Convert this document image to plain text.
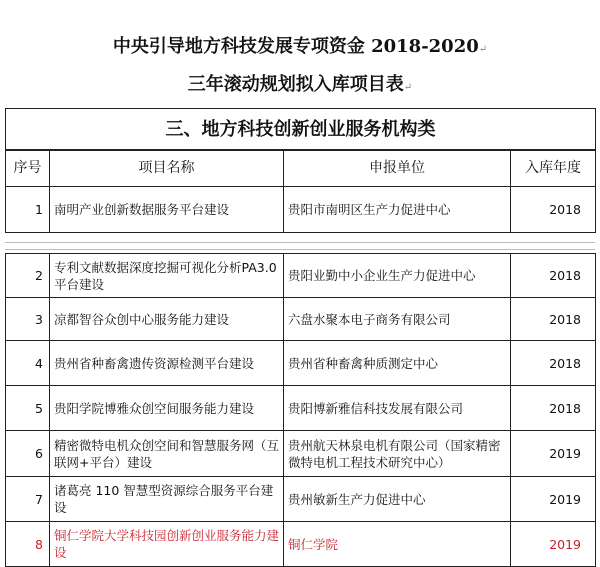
中央引导地方科技发展专项资金 2018-2020↵
三年滚动规划拟入库项目表↵
三、地方科技创新创业服务机构类			
序号	项目名称	申报单位	入库年度
1	南明产业创新数据服务平台建设	贵阳市南明区生产力促进中心	2018
2	专利文献数据深度挖掘可视化分析PA3.0 平台建设	贵阳业勤中小企业生产力促进中心	2018
3	凉都智谷众创中心服务能力建设	六盘水聚本电子商务有限公司	2018
4	贵州省种畜禽遗传资源检测平台建设	贵州省种畜禽种质测定中心	2018
5	贵阳学院博雅众创空间服务能力建设	贵阳博新雅信科技发展有限公司	2018
6	精密微特电机众创空间和智慧服务网（互联网+平台）建设	贵州航天林泉电机有限公司（国家精密微特电机工程技术研究中心）	2019
7	诸葛亮 110 智慧型资源综合服务平台建设	贵州敏新生产力促进中心	2019
8	铜仁学院大学科技园创新创业服务能力建设	铜仁学院	2019
